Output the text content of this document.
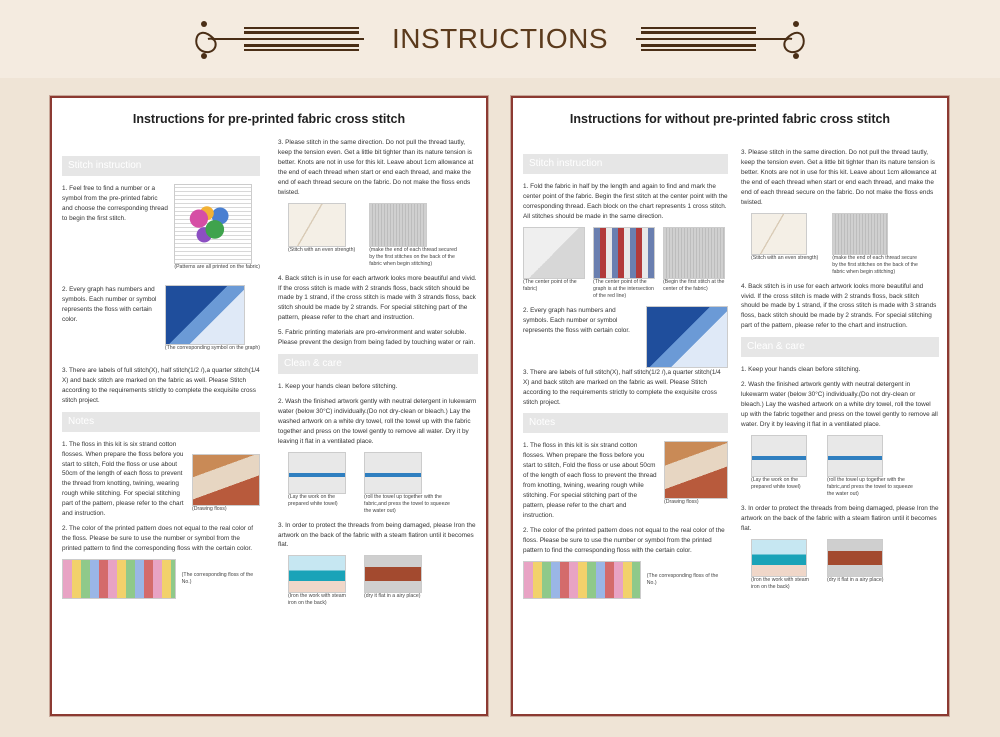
INSTRUCTIONS
Instructions for pre-printed fabric cross stitch
Stitch instruction

1. Feel free to find a number or a symbol from the pre-printed fabric and choose the corresponding thread to begin the first stitch.

(Patterns are all printed on the fabric)

2. Every graph has numbers and symbols. Each number or symbol represents the floss with certain color.

(The corresponding symbol on the graph)

3. There are labels of full stitch(X), half stitch(1/2 /),a quarter stitch(1/4 X) and back stitch are marked on the fabric as well. Please Stitch according to the requirements strictly to complete the exquisite cross stitch project.

Notes

1. The floss in this kit is six strand cotton flosses. When prepare the floss before you start to stitch, Fold the floss or use about 50cm of the length of each floss to prevent the thread from knotting, twining, wearing rough while stitching. For special stitching part of the pattern, please refer to the chart and instruction.

(Drawing floss)

2. The color of the printed pattern does not equal to the real color of the floss. Please be sure to use the number or symbol from the printed pattern to find the corresponding floss with the certain color.

(The corresponding floss of the No.)

3. Please stitch in the same direction. Do not pull the thread tautly, keep the tension even. Get a little bit tighter than its nature tension is better. Knots are not in use for this kit. Leave about 1cm allowance at the end of each thread when start or end each thread, and make the end of each thread secure on the fabric. Do not make the floss ends twisted.

(Stitch with an even strength)	(make the end of each thread secured by the first stitches on the back of the fabric when begin stitching)

4. Back stitch is in use for each artwork looks more beautiful and vivid. If the cross stitch is made with 2 strands floss, back stitch should be made by 1 strand, if the cross stitch is made with 3 strands floss, back stitch should be made by 2 strands. For special stitching part of the pattern, please refer to the chart and instruction.

5. Fabric printing materials are pro-environment and water soluble. Please prevent the design from being faded by touching water or rain.

Clean & care

1. Keep your hands clean before stitching.

2. Wash the finished artwork gently with neutral detergent in lukewarm water (below 30°C) individually.(Do not dry-clean or bleach.) Lay the washed artwork on a white dry towel, roll the towel up with the fabric together and press on the towel gently to remove all water. Dry it by leaving it flat in a ventilated place.

(Lay the work on the prepared white towel)
(roll the towel up together with the fabric,and press the towel to squeeze the water out)

3. In order to protect the threads from being damaged, please Iron the artwork on the back of the fabric with a steam flatiron until it becomes flat.

(Iron the work with steam iron on the back)
(dry it flat in a airy place)
Instructions for without pre-printed fabric cross stitch
Stitch instruction

1. Fold the fabric in half by the length and again to find and mark the center point of the fabric. Begin the first stitch at the center point with the corresponding thread. Each block on the chart represents 1 cross stitch. All stitches should be made in the same direction.

(The center point of the fabric)
(The center point of the graph is at the intersection of the red line)
(Begin the first stitch at the center of the fabric)

2. Every graph has numbers and symbols. Each number or symbol represents the floss with certain color.

3. There are labels of full stitch(X), half stitch(1/2 /),a quarter stitch(1/4 X) and back stitch are marked on the fabric as well. Please Stitch according to the requirements strictly to complete the exquisite cross stitch project.

Notes

1. The floss in this kit is six strand cotton flosses. When prepare the floss before you start to stitch, Fold the floss or use about 50cm of the length of each floss to prevent the thread from knotting, twining, wearing rough while stitching. For special stitching part of the pattern, please refer to the chart and instruction.

(Drawing floss)

2. The color of the printed pattern does not equal to the real color of the floss. Please be sure to use the number or symbol from the printed pattern to find the corresponding floss with the certain color.

(The corresponding floss of the No.)

3. Please stitch in the same direction. Do not pull the thread tautly, keep the tension even. Get a little bit tighter than its nature tension is better. Knots are not in use for this kit. Leave about 1cm allowance at the end of each thread when start or end each thread, and make the end of each thread secure on the fabric. Do not make the floss ends twisted.

(Stitch with an even strength)	(make the end of each thread secure by the first stitches on the back of the fabric when begin stitching)

4. Back stitch is in use for each artwork looks more beautiful and vivid. If the cross stitch is made with 2 strands floss, back stitch should be made by 1 strand, if the cross stitch is made with 3 strands floss, back stitch should be made by 2 strands. For special stitching part of the pattern, please refer to the chart and instruction.

Clean & care

1. Keep your hands clean before stitching.

2. Wash the finished artwork gently with neutral detergent in lukewarm water (below 30°C) individually.(Do not dry-clean or bleach.) Lay the washed artwork on a white dry towel, roll the towel up with the fabric together and press on the towel gently to remove all water. Dry it by leaving it flat in a ventilated place.

(Lay the work on the prepared white towel)
(roll the towel up together with the fabric,and press the towel to squeeze the water out)

3. In order to protect the threads from being damaged, please Iron the artwork on the back of the fabric with a steam flatiron until it becomes flat.

(Iron the work with steam iron on the back)
(dry it flat in a airy place)
